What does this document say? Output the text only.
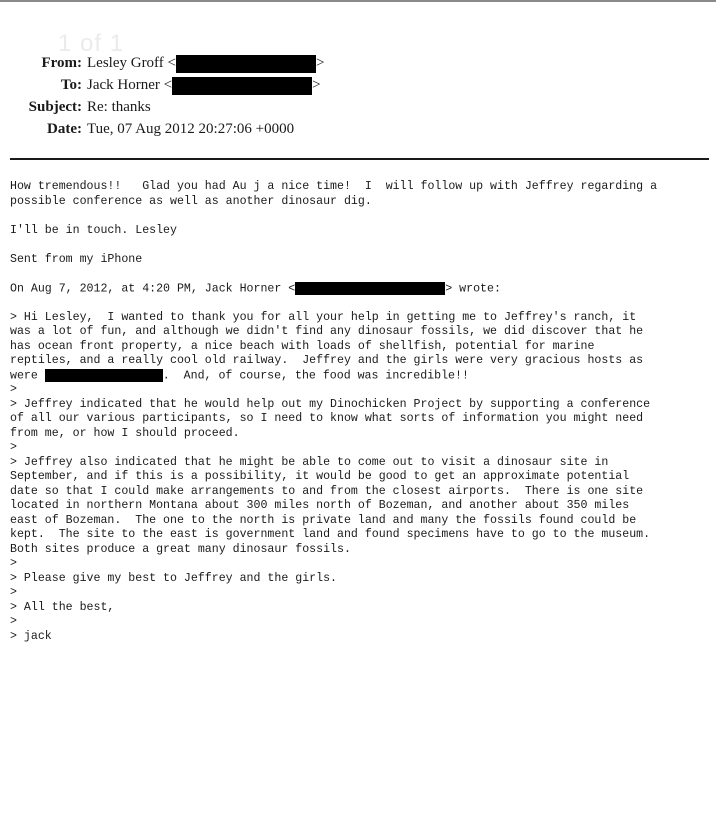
1 of 1
From: Lesley Groff <	>
To: Jack Horner <	>
Subject: Re: thanks
Date: Tue, 07 Aug 2012 20:27:06 +0000
How tremendous!!   Glad you had Au j a nice time!  I  will follow up with Jeffrey regarding a
possible conference as well as another dinosaur dig.
I'll be in touch. Lesley
Sent from my iPhone
On Aug 7, 2012, at 4:20 PM, Jack Horner <	> wrote:
> Hi Lesley,  I wanted to thank you for all your help in getting me to Jeffrey's ranch, it
was a lot of fun, and although we didn't find any dinosaur fossils, we did discover that he
has ocean front property, a nice beach with loads of shellfish, potential for marine
reptiles, and a really cool old railway.  Jeffrey and the girls were very gracious hosts as
were	.  And, of course, the food was incredible!!
>
> Jeffrey indicated that he would help out my Dinochicken Project by supporting a conference
of all our various participants, so I need to know what sorts of information you might need
from me, or how I should proceed.
>
> Jeffrey also indicated that he might be able to come out to visit a dinosaur site in
September, and if this is a possibility, it would be good to get an approximate potential
date so that I could make arrangements to and from the closest airports.  There is one site
located in northern Montana about 300 miles north of Bozeman, and another about 350 miles
east of Bozeman.  The one to the north is private land and many the fossils found could be
kept.  The site to the east is government land and found specimens have to go to the museum.
Both sites produce a great many dinosaur fossils.
>
> Please give my best to Jeffrey and the girls.
>
> All the best,
>
> jack
